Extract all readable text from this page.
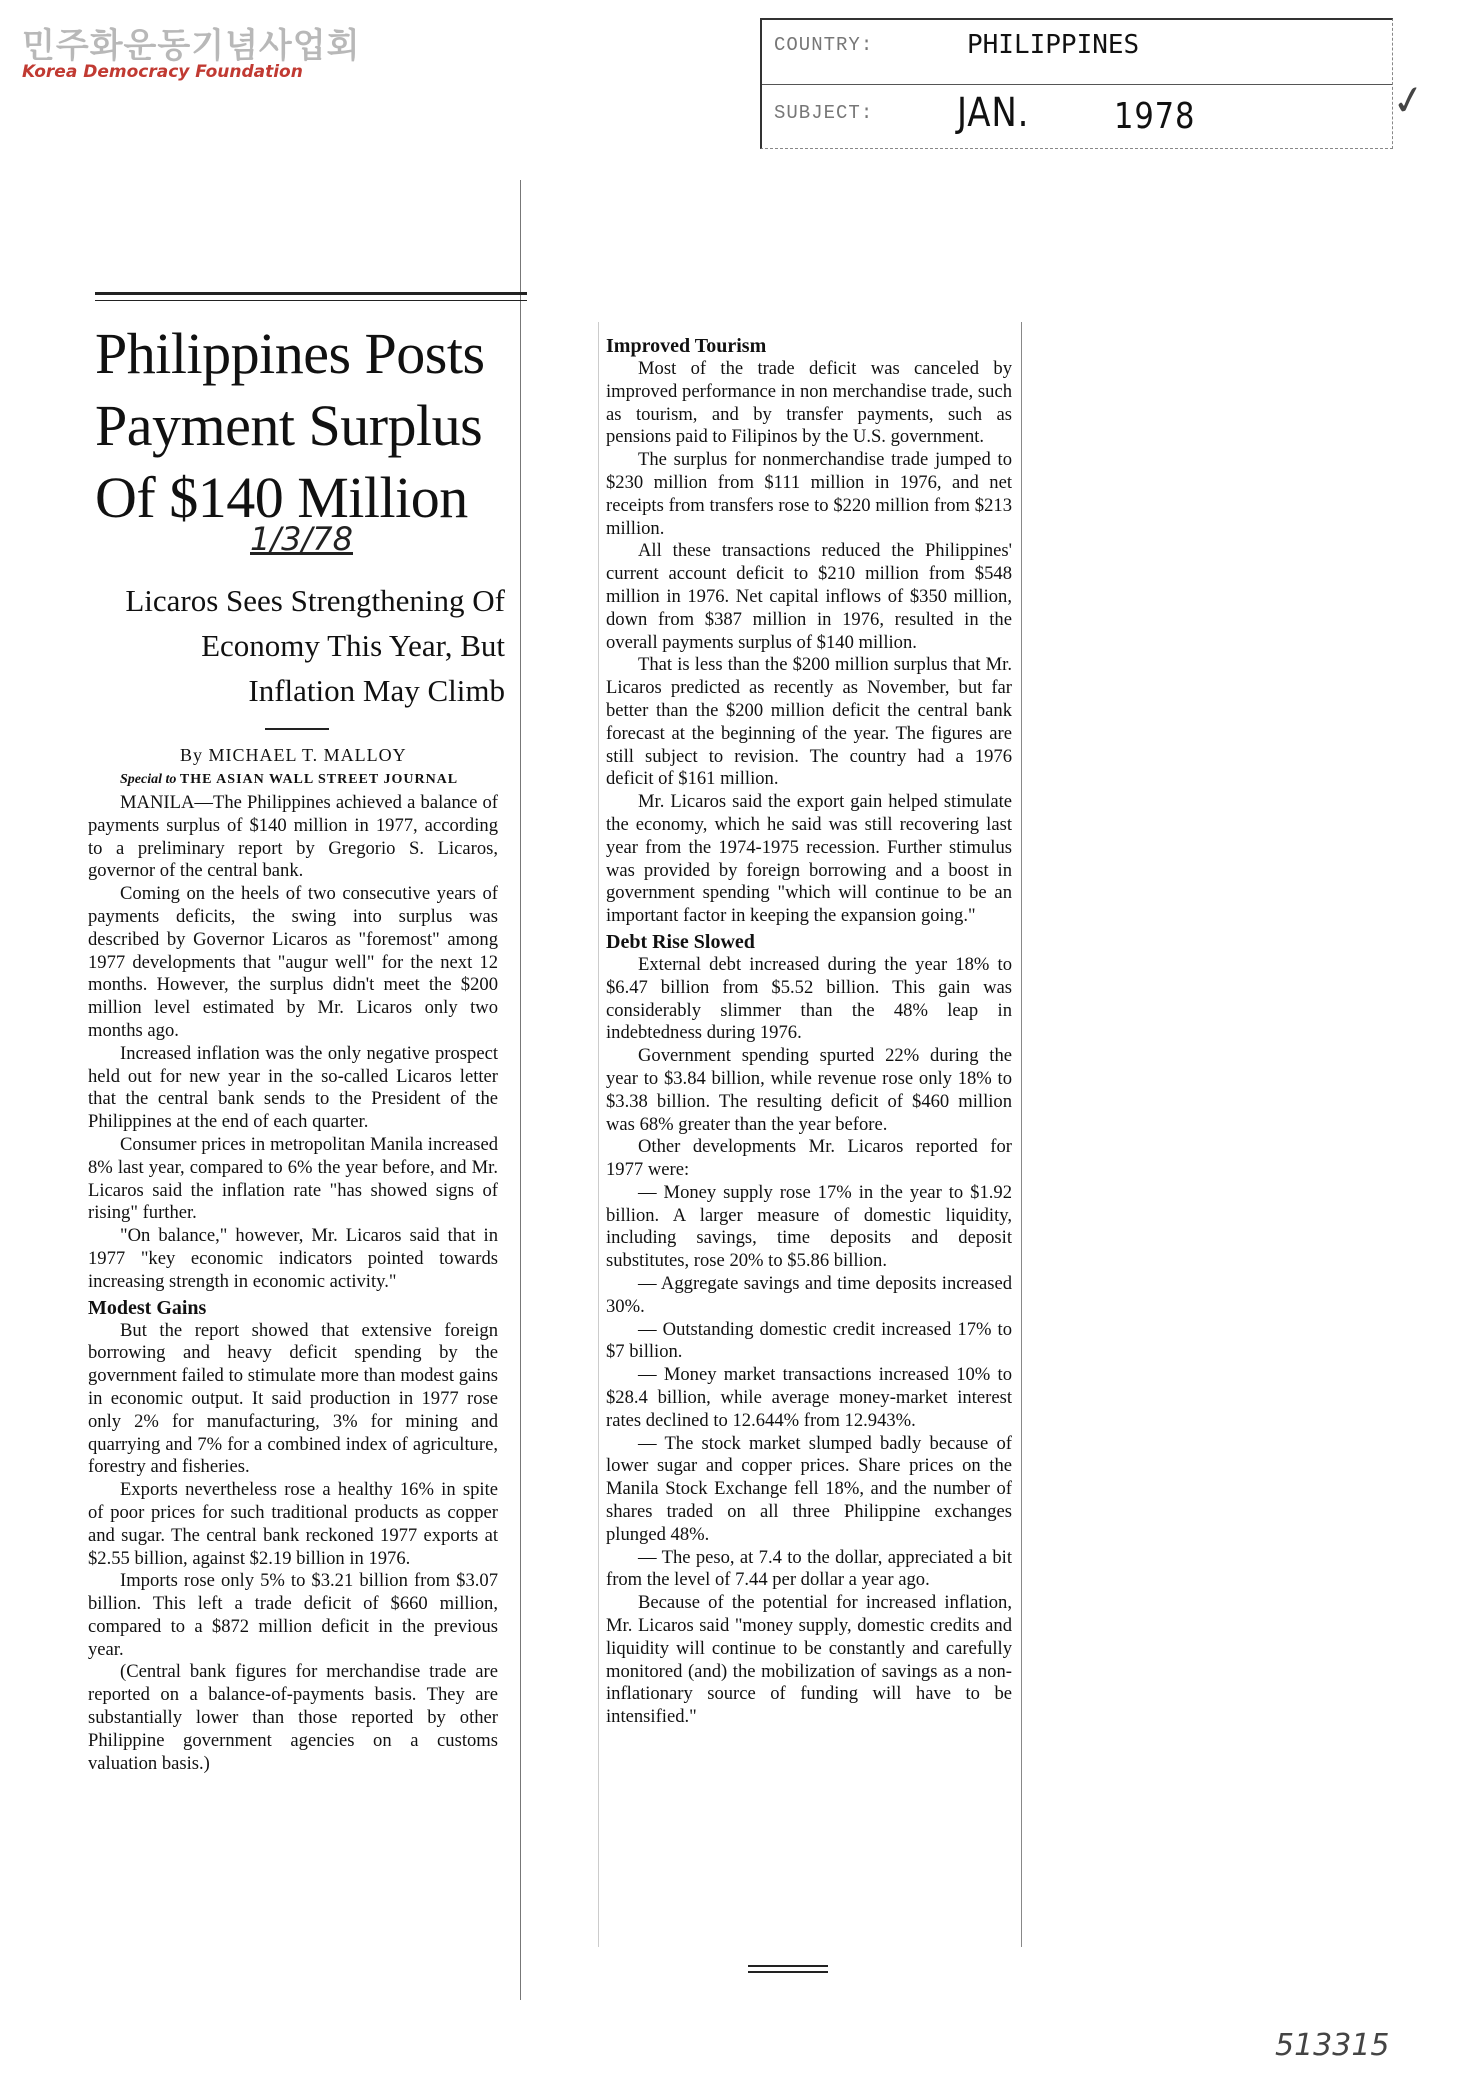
민주화운동기념사업회
Korea Democracy Foundation
COUNTRY:	PHILIPPINES
SUBJECT: JAN. 1978	✓
Philippines Posts Payment Surplus Of $140 Million
1/3/78
Licaros Sees Strengthening Of Economy This Year, But Inflation May Climb
By MICHAEL T. MALLOY
Special to THE ASIAN WALL STREET JOURNAL

MANILA—The Philippines achieved a balance of payments surplus of $140 million in 1977, according to a preliminary report by Gregorio S. Licaros, governor of the central bank.

Coming on the heels of two consecutive years of payments deficits, the swing into surplus was described by Governor Licaros as "foremost" among 1977 developments that "augur well" for the next 12 months. However, the surplus didn't meet the $200 million level estimated by Mr. Licaros only two months ago.

Increased inflation was the only negative prospect held out for new year in the so-called Licaros letter that the central bank sends to the President of the Philippines at the end of each quarter.

Consumer prices in metropolitan Manila increased 8% last year, compared to 6% the year before, and Mr. Licaros said the inflation rate "has showed signs of rising" further.

"On balance," however, Mr. Licaros said that in 1977 "key economic indicators pointed towards increasing strength in economic activity."

Modest Gains

But the report showed that extensive foreign borrowing and heavy deficit spending by the government failed to stimulate more than modest gains in economic output. It said production in 1977 rose only 2% for manufacturing, 3% for mining and quarrying and 7% for a combined index of agriculture, forestry and fisheries.

Exports nevertheless rose a healthy 16% in spite of poor prices for such traditional products as copper and sugar. The central bank reckoned 1977 exports at $2.55 billion, against $2.19 billion in 1976.

Imports rose only 5% to $3.21 billion from $3.07 billion. This left a trade deficit of $660 million, compared to a $872 million deficit in the previous year.

(Central bank figures for merchandise trade are reported on a balance-of-payments basis. They are substantially lower than those reported by other Philippine government agencies on a customs valuation basis.)

Improved Tourism

Most of the trade deficit was canceled by improved performance in non merchandise trade, such as tourism, and by transfer payments, such as pensions paid to Filipinos by the U.S. government.

The surplus for nonmerchandise trade jumped to $230 million from $111 million in 1976, and net receipts from transfers rose to $220 million from $213 million.

All these transactions reduced the Philippines' current account deficit to $210 million from $548 million in 1976. Net capital inflows of $350 million, down from $387 million in 1976, resulted in the overall payments surplus of $140 million.

That is less than the $200 million surplus that Mr. Licaros predicted as recently as November, but far better than the $200 million deficit the central bank forecast at the beginning of the year. The figures are still subject to revision. The country had a 1976 deficit of $161 million.

Mr. Licaros said the export gain helped stimulate the economy, which he said was still recovering last year from the 1974-1975 recession. Further stimulus was provided by foreign borrowing and a boost in government spending "which will continue to be an important factor in keeping the expansion going."

Debt Rise Slowed

External debt increased during the year 18% to $6.47 billion from $5.52 billion. This gain was considerably slimmer than the 48% leap in indebtedness during 1976.

Government spending spurted 22% during the year to $3.84 billion, while revenue rose only 18% to $3.38 billion. The resulting deficit of $460 million was 68% greater than the year before.

Other developments Mr. Licaros reported for 1977 were:

— Money supply rose 17% in the year to $1.92 billion. A larger measure of domestic liquidity, including savings, time deposits and deposit substitutes, rose 20% to $5.86 billion.

— Aggregate savings and time deposits increased 30%.

— Outstanding domestic credit increased 17% to $7 billion.

— Money market transactions increased 10% to $28.4 billion, while average money-market interest rates declined to 12.644% from 12.943%.

— The stock market slumped badly because of lower sugar and copper prices. Share prices on the Manila Stock Exchange fell 18%, and the number of shares traded on all three Philippine exchanges plunged 48%.

— The peso, at 7.4 to the dollar, appreciated a bit from the level of 7.44 per dollar a year ago.

Because of the potential for increased inflation, Mr. Licaros said "money supply, domestic credits and liquidity will continue to be constantly and carefully monitored (and) the mobilization of savings as a non-inflationary source of funding will have to be intensified."

513315
